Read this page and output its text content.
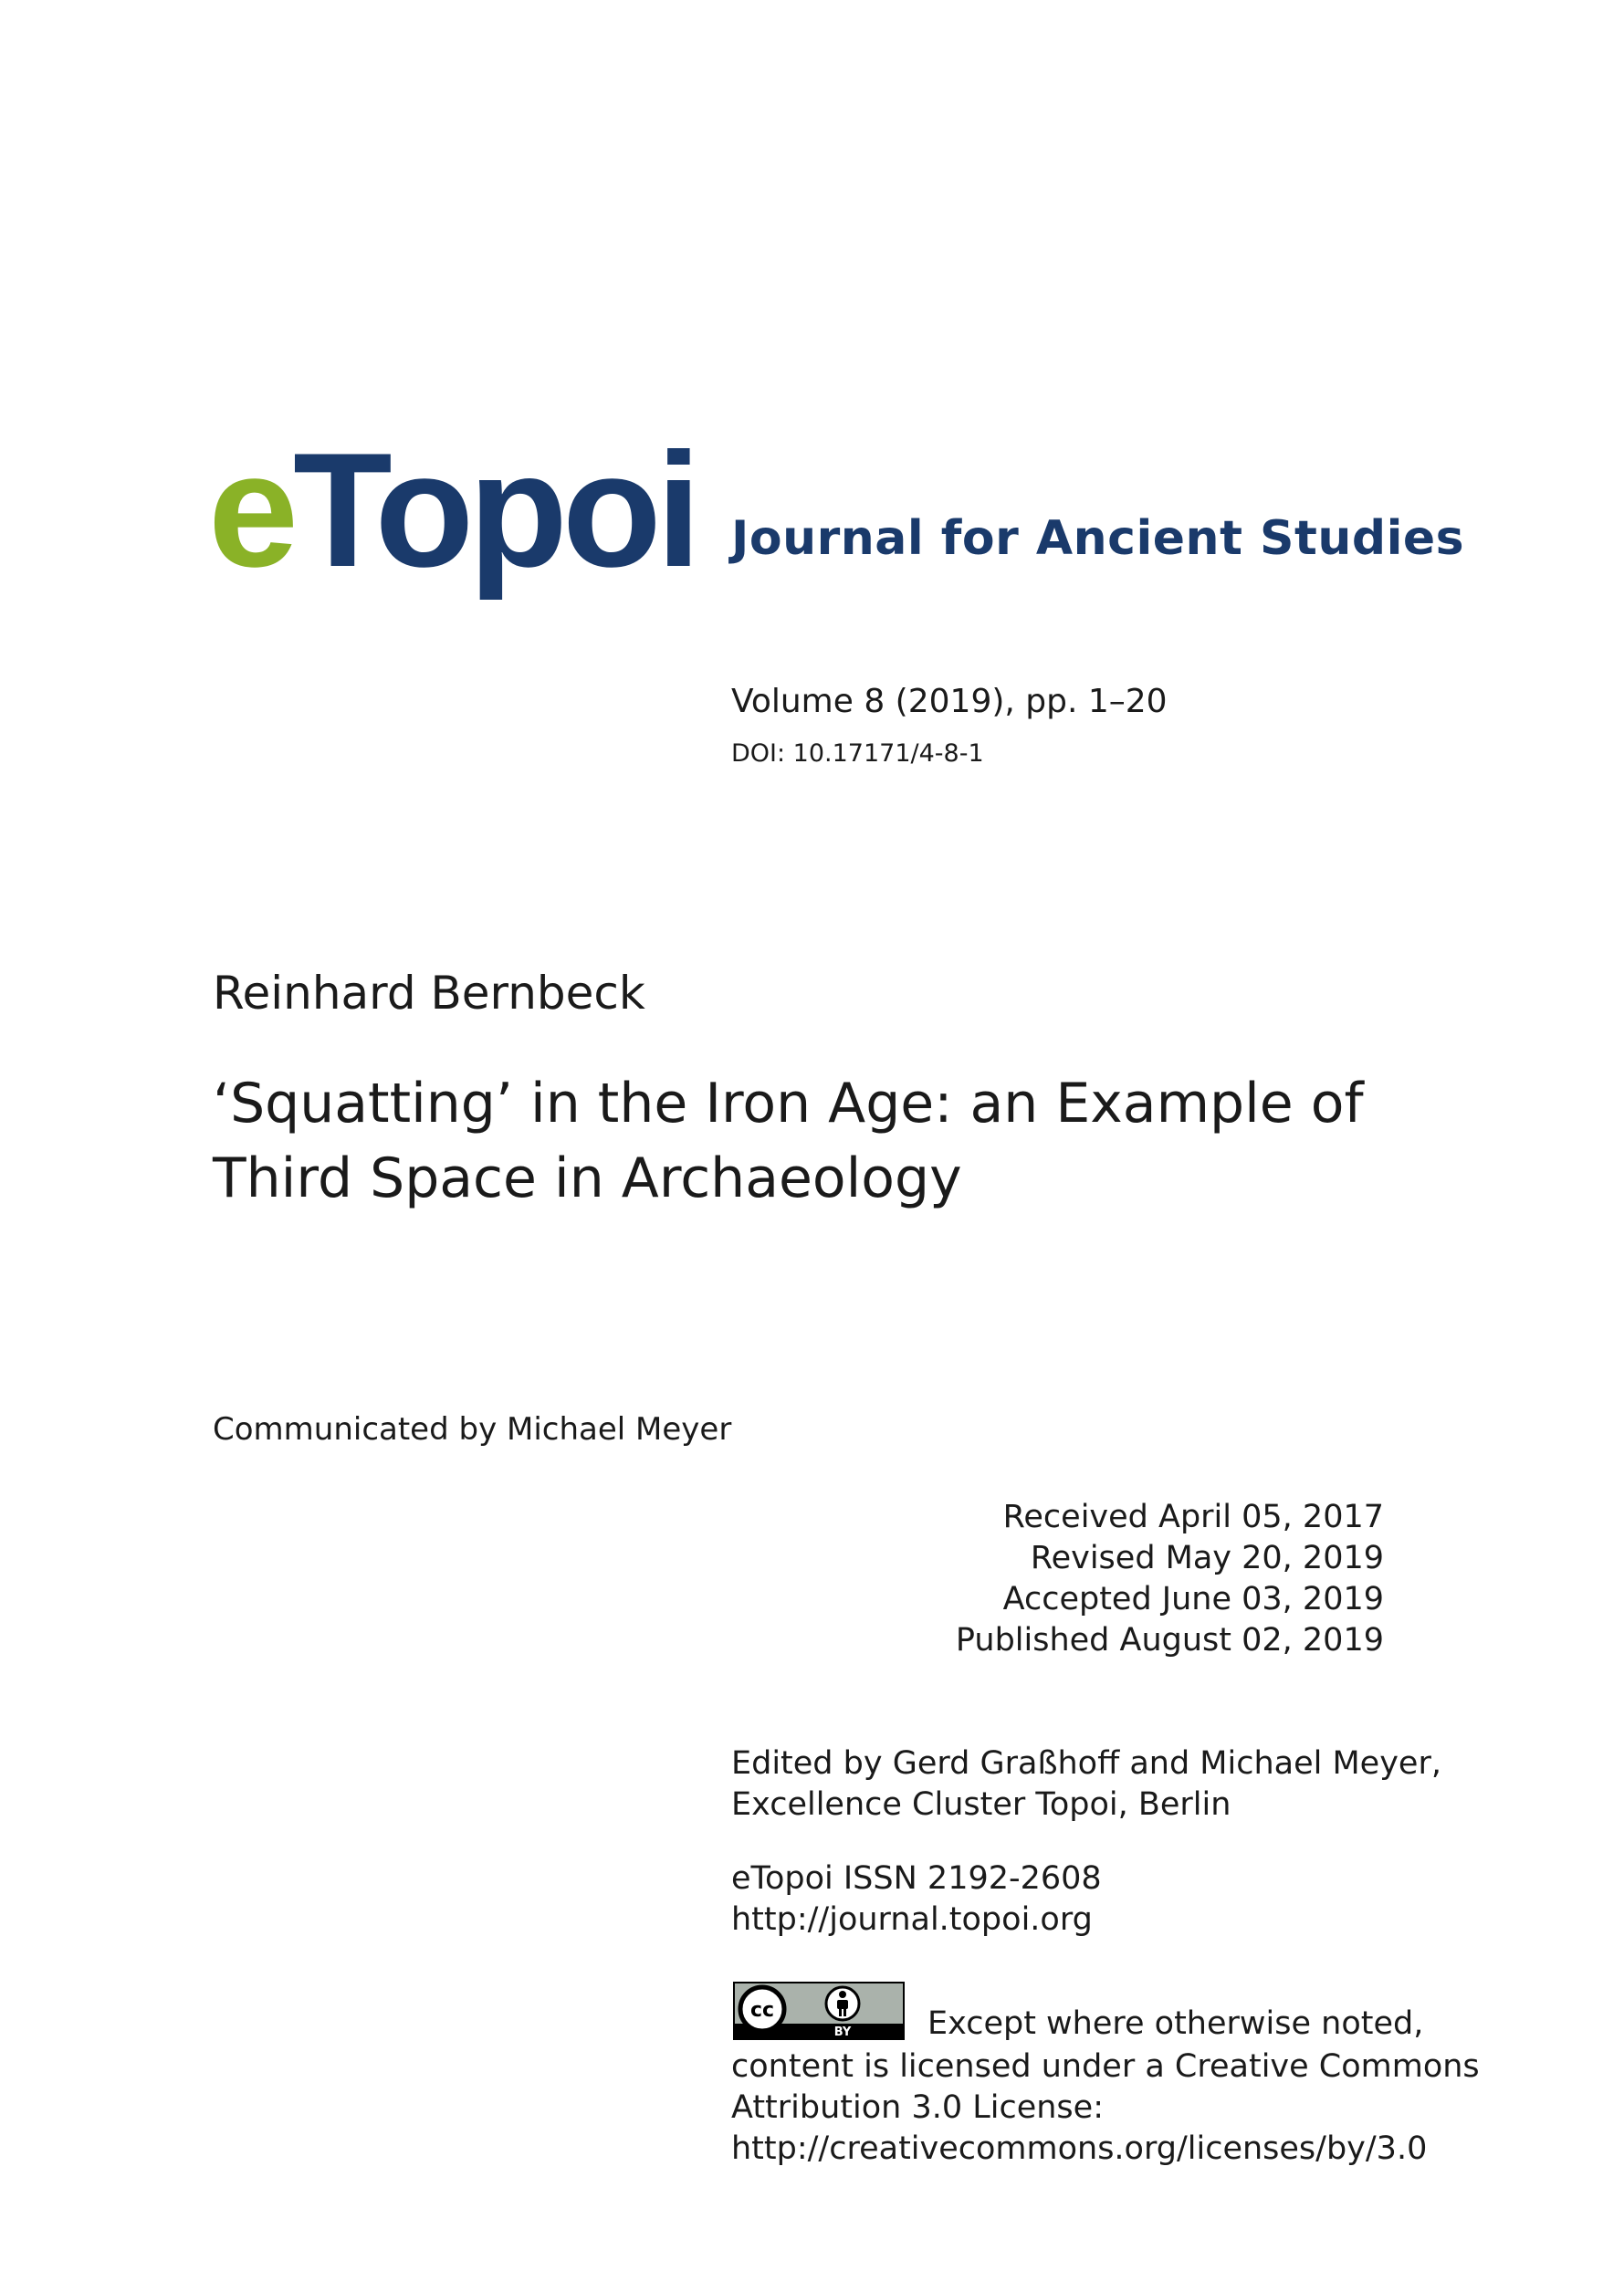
eTopoi Journal for Ancient Studies
Volume 8 (2019), pp. 1–20
DOI: 10.17171/4-8-1
Reinhard Bernbeck
‘Squatting’ in the Iron Age: an Example of
Third Space in Archaeology
Communicated by Michael Meyer
Received April 05, 2017
Revised May 20, 2019
Accepted June 03, 2019
Published August 02, 2019
Edited by Gerd Graßhoff and Michael Meyer,
Excellence Cluster Topoi, Berlin
eTopoi ISSN 2192-2608
http://journal.topoi.org
cc
BY Except where otherwise noted,
content is licensed under a Creative Commons
Attribution 3.0 License:
http://creativecommons.org/licenses/by/3.0
